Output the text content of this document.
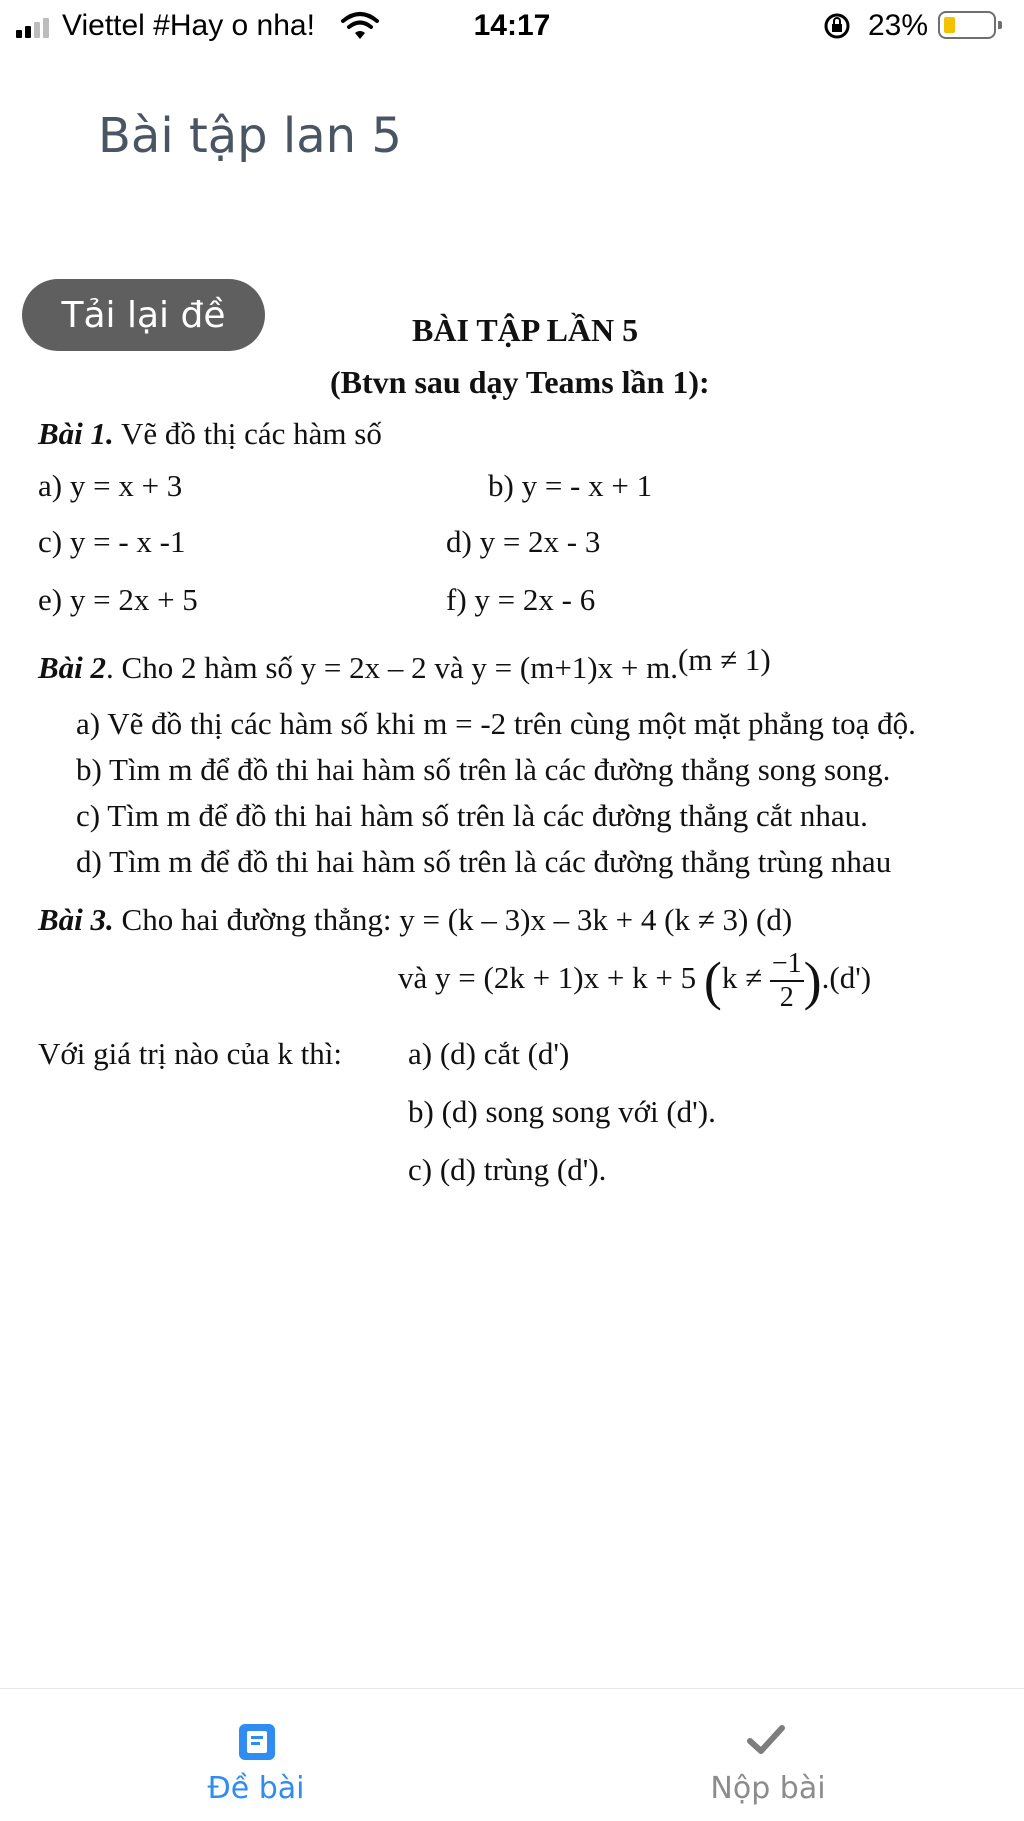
Viettel #Hay o nha!	14:17	23%
Bài tập lan 5
BÀI TẬP LẦN 5
(Btvn sau dạy Teams lần 1):
Bài 1. Vẽ đồ thị các hàm số
a) y = x + 3	b) y = - x + 1
c) y = - x -1	d) y = 2x - 3
e) y = 2x + 5	f) y = 2x - 6
Bài 2. Cho 2 hàm số y = 2x – 2 và y = (m+1)x + m.(m ≠ 1)
a) Vẽ đồ thị các hàm số khi m = -2 trên cùng một mặt phẳng toạ độ.
b) Tìm m để đồ thi hai hàm số trên là các đường thẳng song song.
c) Tìm m để đồ thi hai hàm số trên là các đường thẳng cắt nhau.
d) Tìm m để đồ thi hai hàm số trên là các đường thẳng trùng nhau
Bài 3. Cho hai đường thẳng: y = (k – 3)x – 3k + 4 (k ≠ 3) (d)
và y = (2k + 1)x + k + 5 $(k \ne \frac{-1}{2} ).(d')$
Với giá trị nào của k thì: a) (d) cắt (d')
b) (d) song song với (d').
c) (d) trùng (d').
Tải lại đề
Đề bài	Nộp bài
